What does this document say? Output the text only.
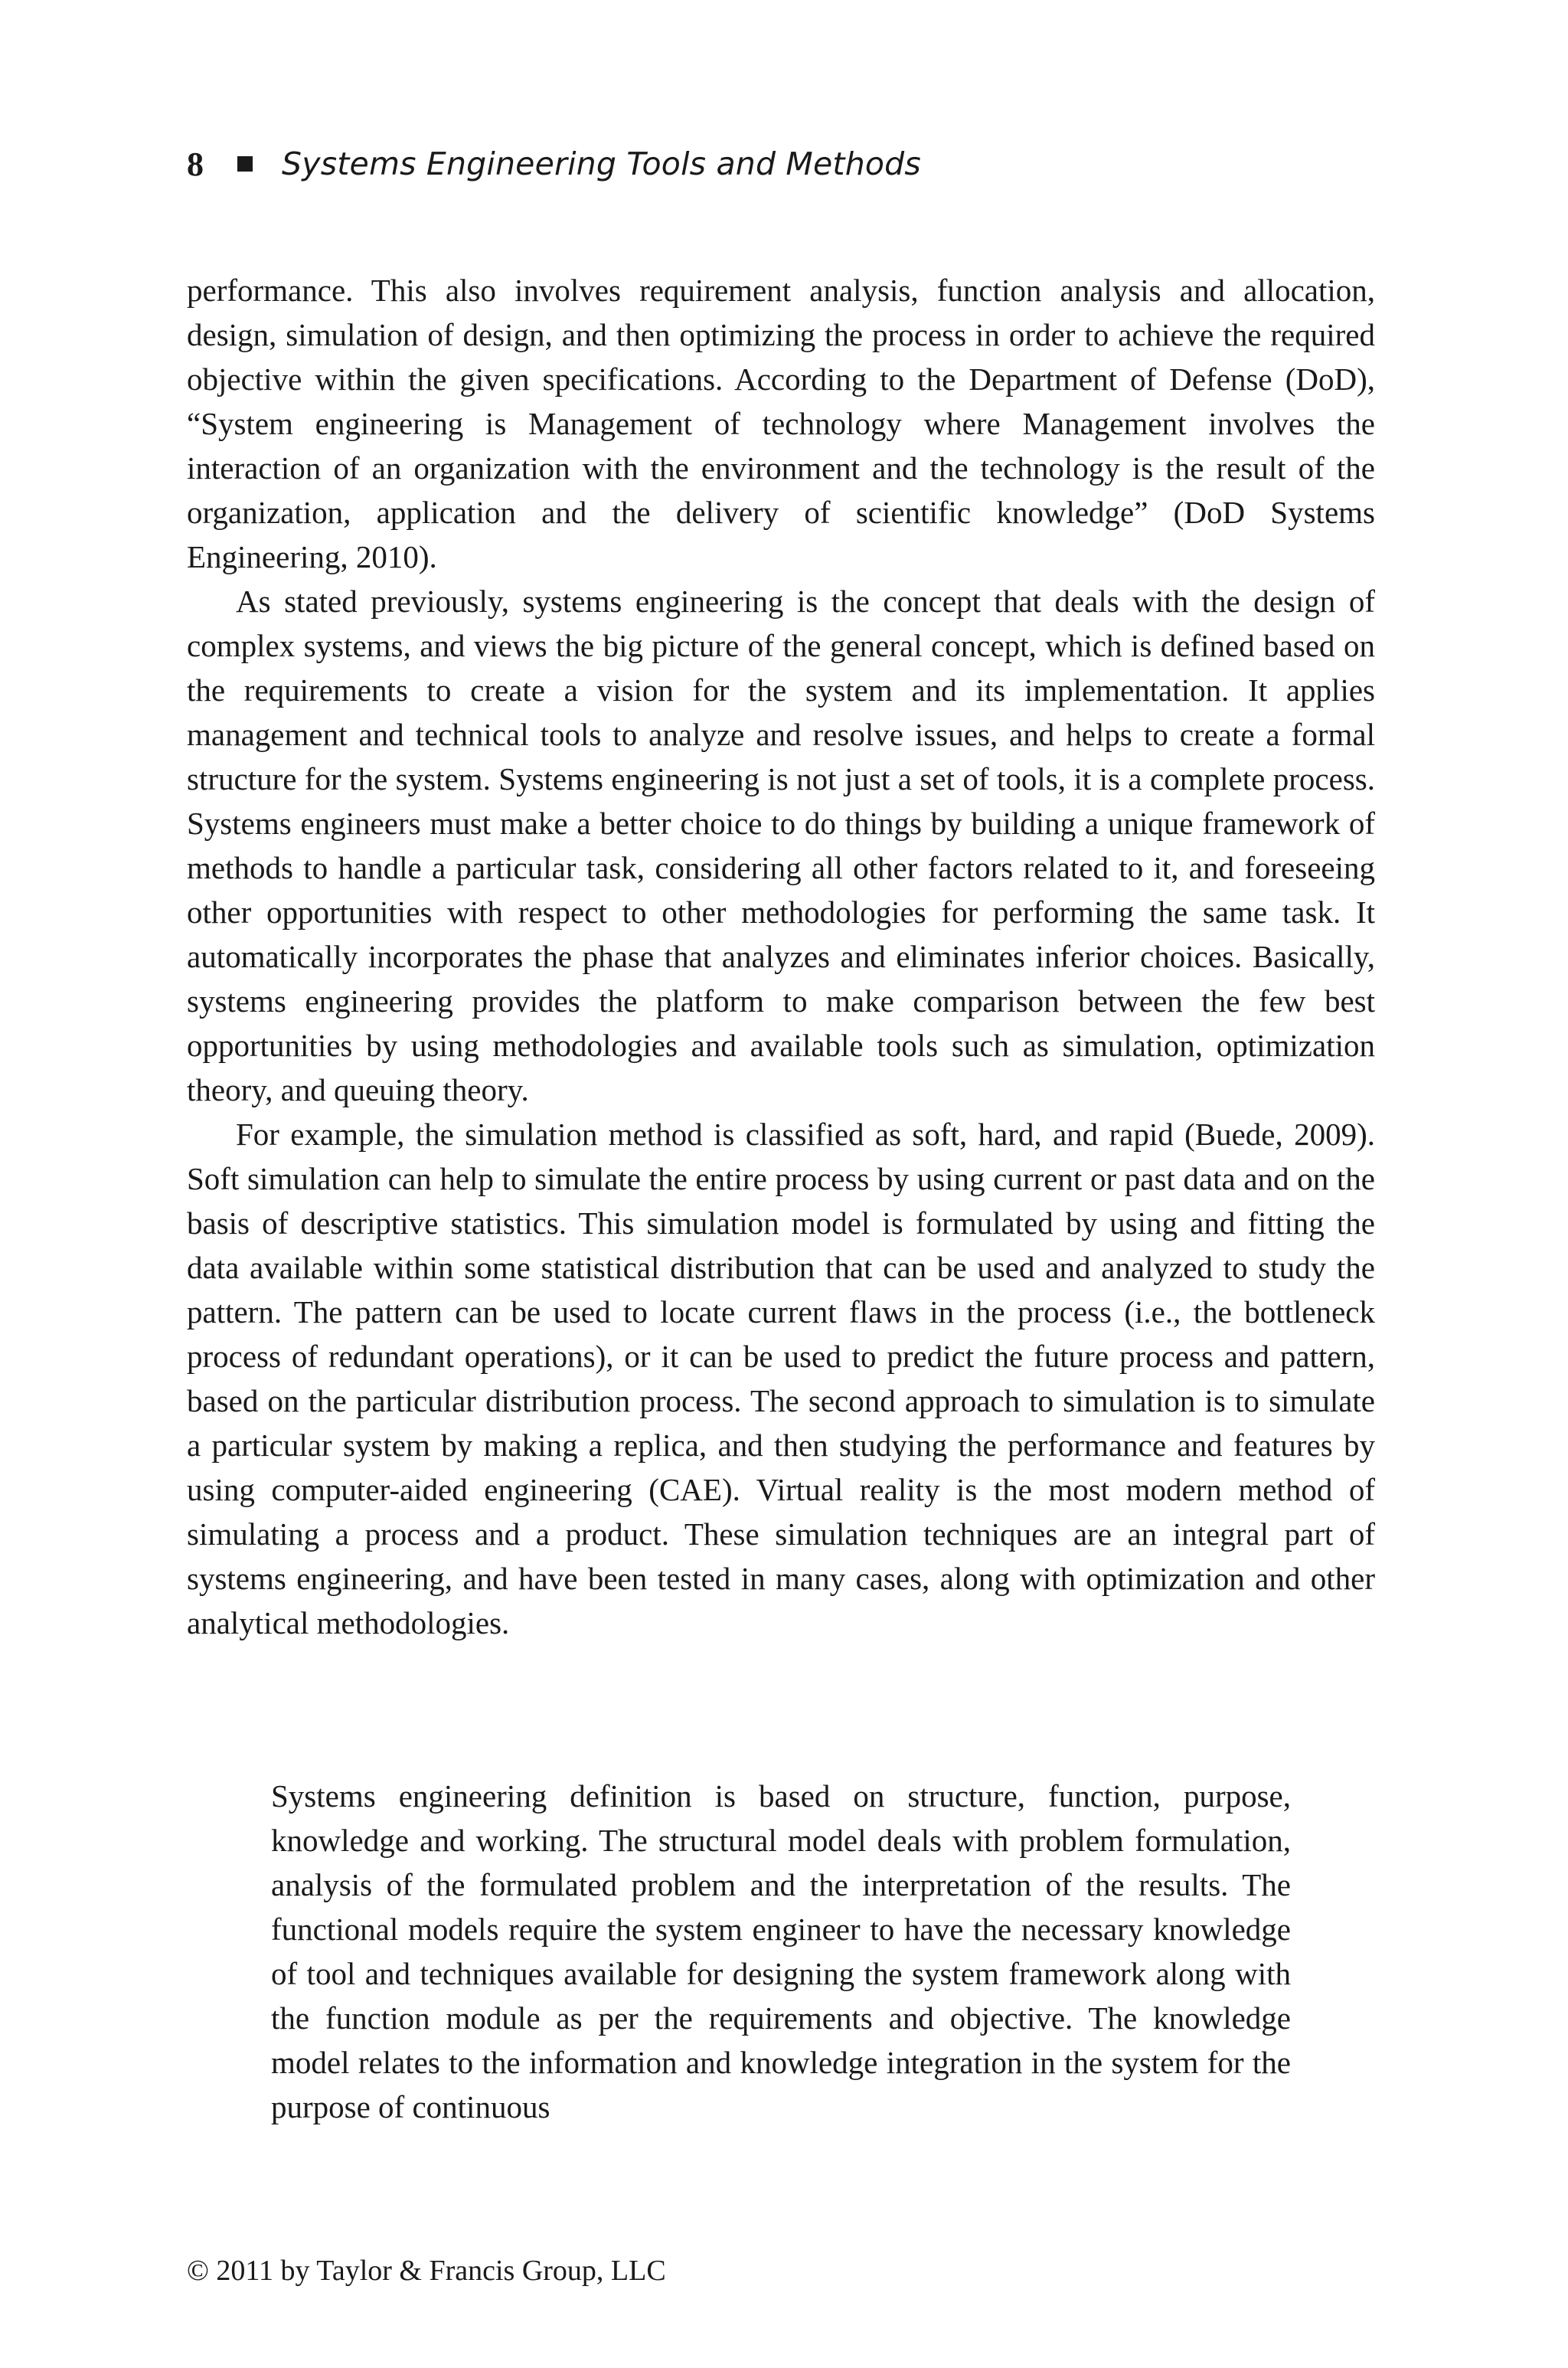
8 Systems Engineering Tools and Methods

performance. This also involves requirement analysis, function analysis and allocation, design, simulation of design, and then optimizing the process in order to achieve the required objective within the given specifications. According to the Department of Defense (DoD), “System engineering is Management of technology where Management involves the interaction of an organization with the environment and the technology is the result of the organization, application and the delivery of scientific knowledge” (DoD Systems Engineering, 2010).

As stated previously, systems engineering is the concept that deals with the design of complex systems, and views the big picture of the general concept, which is defined based on the requirements to create a vision for the system and its implementation. It applies management and technical tools to analyze and resolve issues, and helps to create a formal structure for the system. Systems engineering is not just a set of tools, it is a complete process. Systems engineers must make a better choice to do things by building a unique framework of methods to handle a particular task, considering all other factors related to it, and foreseeing other opportunities with respect to other methodologies for performing the same task. It automatically incorporates the phase that analyzes and eliminates inferior choices. Basically, systems engineering provides the platform to make comparison between the few best opportunities by using methodologies and available tools such as simulation, optimization theory, and queuing theory.

For example, the simulation method is classified as soft, hard, and rapid (Buede, 2009). Soft simulation can help to simulate the entire process by using current or past data and on the basis of descriptive statistics. This simulation model is formulated by using and fitting the data available within some statistical distribution that can be used and analyzed to study the pattern. The pattern can be used to locate current flaws in the process (i.e., the bottleneck process of redundant operations), or it can be used to predict the future process and pattern, based on the particular distribution process. The second approach to simulation is to simulate a particular system by making a replica, and then studying the performance and features by using computer-aided engineering (CAE). Virtual reality is the most modern method of simulating a process and a product. These simulation techniques are an integral part of systems engineering, and have been tested in many cases, along with optimization and other analytical methodologies.

Systems engineering definition is based on structure, function, purpose, knowledge and working. The structural model deals with problem formulation, analysis of the formulated problem and the interpretation of the results. The functional models require the system engineer to have the necessary knowledge of tool and techniques available for designing the system framework along with the function module as per the requirements and objective. The knowledge model relates to the information and knowledge integration in the system for the purpose of continuous

© 2011 by Taylor & Francis Group, LLC
